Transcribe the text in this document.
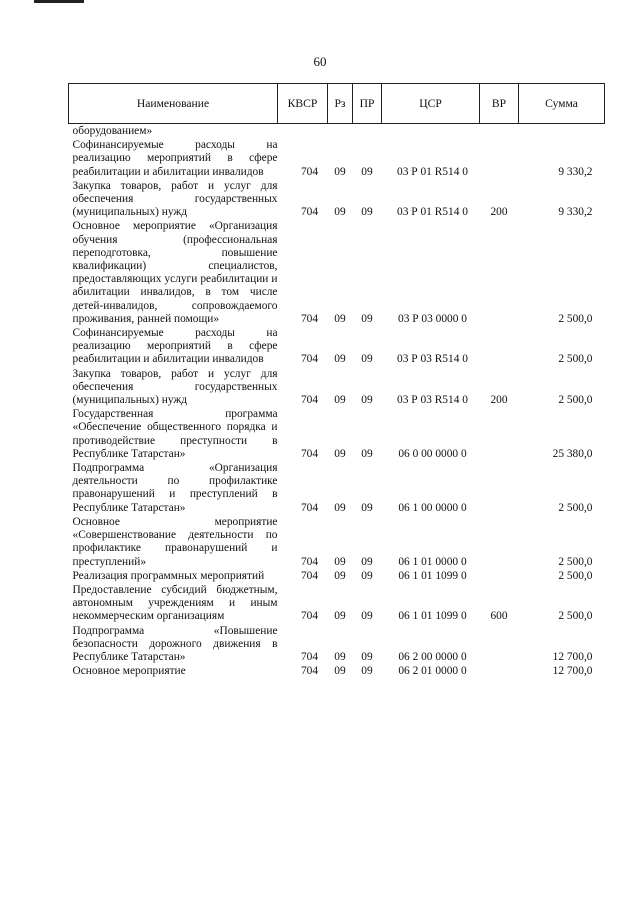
60
Наименование	КВСР	Рз	ПР	ЦСР	ВР	Сумма
оборудованием»						
Софинансируемые расходы на реализацию мероприятий в сфере реабилитации и абилитации инвалидов	704	09	09	03 Р 01 R514 0		9 330,2
Закупка товаров, работ и услуг для обеспечения государственных (муниципальных) нужд	704	09	09	03 Р 01 R514 0	200	9 330,2
Основное мероприятие «Организация обучения (профессиональная переподготовка, повышение квалификации) специалистов, предоставляющих услуги реабилитации и абилитации инвалидов, в том числе детей-инвалидов, сопровождаемого проживания, ранней помощи»	704	09	09	03 Р 03 0000 0		2 500,0
Софинансируемые расходы на реализацию мероприятий в сфере реабилитации и абилитации инвалидов	704	09	09	03 Р 03 R514 0		2 500,0
Закупка товаров, работ и услуг для обеспечения государственных (муниципальных) нужд	704	09	09	03 Р 03 R514 0	200	2 500,0
Государственная программа «Обеспечение общественного порядка и противодействие преступности в Республике Татарстан»	704	09	09	06 0 00 0000 0		25 380,0
Подпрограмма «Организация деятельности по профилактике правонарушений и преступлений в Республике Татарстан»	704	09	09	06 1 00 0000 0		2 500,0
Основное мероприятие «Совершенствование деятельности по профилактике правонарушений и преступлений»	704	09	09	06 1 01 0000 0		2 500,0
Реализация программных мероприятий	704	09	09	06 1 01 1099 0		2 500,0
Предоставление субсидий бюджетным, автономным учреждениям и иным некоммерческим организациям	704	09	09	06 1 01 1099 0	600	2 500,0
Подпрограмма «Повышение безопасности дорожного движения в Республике Татарстан»	704	09	09	06 2 00 0000 0		12 700,0
Основное мероприятие	704	09	09	06 2 01 0000 0		12 700,0
